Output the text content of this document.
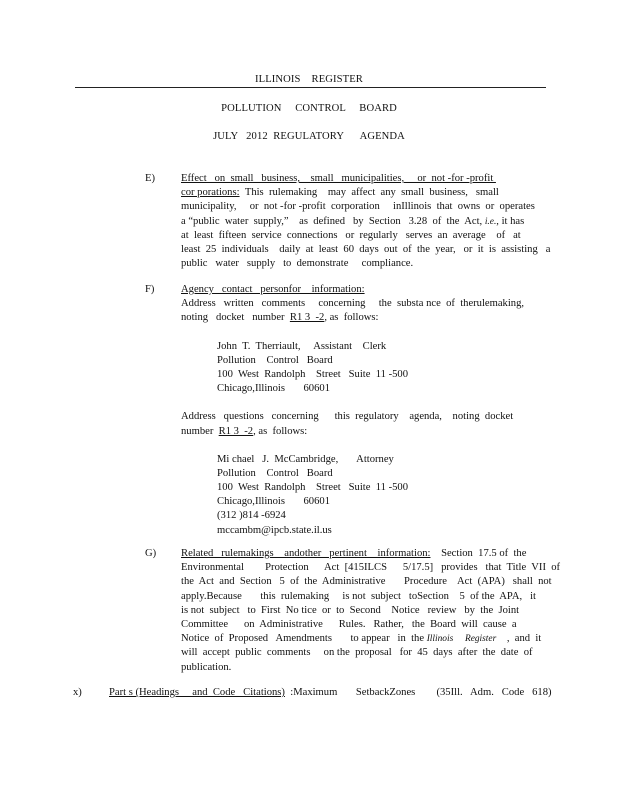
ILLINOIS    REGISTER
POLLUTION     CONTROL     BOARD
JULY   2012  REGULATORY      AGENDA
E) Effect   on  small   business,    small   municipalities,     or  not -for -profit
cor porations: This  rulemaking    may  affect  any  small  business,   small
municipality,     or  not -for -profit  corporation     inIllinois  that  owns  or  operates
a “public  water  supply,”    as  defined   by  Section   3.28  of  the  Act, i.e., it has
at  least  fifteen  service  connections   or  regularly   serves  an  average    of   at
least  25  individuals    daily  at  least  60  days  out  of  the  year,   or  it  is  assisting   a
public   water   supply   to  demonstrate     compliance.
F)	Agency   contact   personfor    information:
Address   written   comments     concerning     the  substa nce  of  therulemaking,
noting   docket   number  R1 3  -2, as  follows:
John  T.  Therriault,     Assistant    Clerk
Pollution    Control   Board
100  West  Randolph    Street   Suite  11 -500
Chicago,Illinois       60601
Address   questions   concerning      this  regulatory    agenda,    noting  docket
number  R1 3  -2, as  follows:
Mi chael   J.  McCambridge,       Attorney
Pollution    Control   Board
100  West  Randolph    Street   Suite  11 -500
Chicago,Illinois       60601
(312 )814 -6924
mccambm@ipcb.state.il.us
G) Related   rulemakings    andother   pertinent    information: Section  17.5 of  the
Environmental        Protection      Act  [415ILCS      5/17.5]   provides   that  Title  VII  of
the  Act  and  Section   5  of  the  Administrative       Procedure    Act  (APA)   shall  not
apply.Because       this  rulemaking     is not  subject   toSection    5  of the  APA,   it
is not  subject   to  First  No tice  or  to  Second    Notice   review   by  the  Joint
Committee      on  Administrative      Rules.   Rather,   the  Board  will  cause  a
Notice  of  Proposed   Amendments       to appear   in  the Illinois     Register ,  and  it
will  accept  public  comments     on the  proposal   for  45  days  after  the  date  of
publication.
x)	Part s (Headings     and  Code   Citations) :Maximum       SetbackZones        (35Ill.   Adm.   Code   618)
